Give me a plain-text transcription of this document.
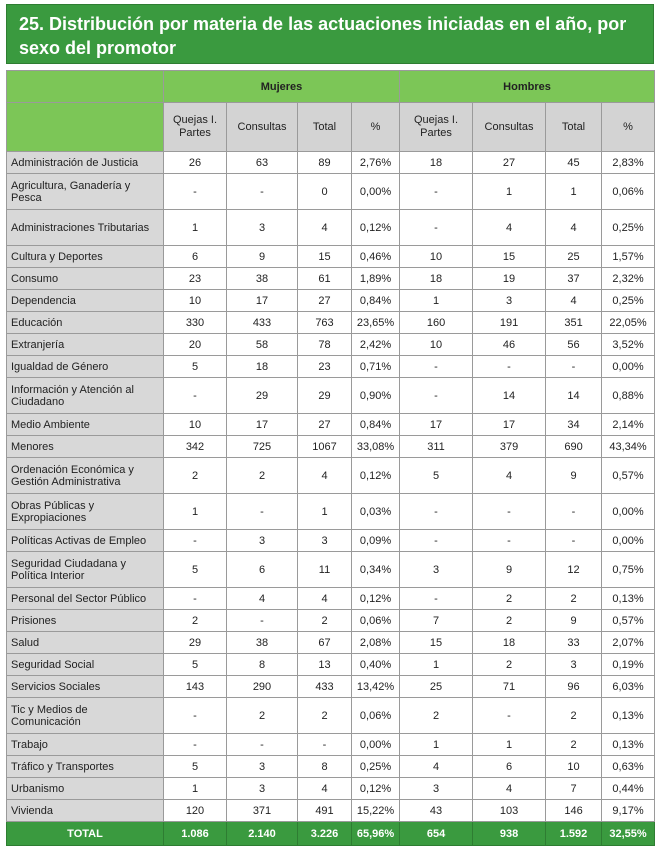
25. Distribución por materia de las actuaciones iniciadas en el año, por sexo del promotor
	Mujeres				Hombres			
	Quejas I. Partes	Consultas	Total	%	Quejas I. Partes	Consultas	Total	%
Administración de Justicia	26	63	89	2,76%	18	27	45	2,83%
Agricultura, Ganadería y Pesca	-	-	0	0,00%	-	1	1	0,06%
Administraciones Tributarias	1	3	4	0,12%	-	4	4	0,25%
Cultura y Deportes	6	9	15	0,46%	10	15	25	1,57%
Consumo	23	38	61	1,89%	18	19	37	2,32%
Dependencia	10	17	27	0,84%	1	3	4	0,25%
Educación	330	433	763	23,65%	160	191	351	22,05%
Extranjería	20	58	78	2,42%	10	46	56	3,52%
Igualdad de Género	5	18	23	0,71%	-	-	-	0,00%
Información y Atención al Ciudadano	-	29	29	0,90%	-	14	14	0,88%
Medio Ambiente	10	17	27	0,84%	17	17	34	2,14%
Menores	342	725	1067	33,08%	311	379	690	43,34%
Ordenación Económica y Gestión Administrativa	2	2	4	0,12%	5	4	9	0,57%
Obras Públicas y Expropiaciones	1	-	1	0,03%	-	-	-	0,00%
Políticas Activas de Empleo	-	3	3	0,09%	-	-	-	0,00%
Seguridad Ciudadana y Política Interior	5	6	11	0,34%	3	9	12	0,75%
Personal del Sector Público	-	4	4	0,12%	-	2	2	0,13%
Prisiones	2	-	2	0,06%	7	2	9	0,57%
Salud	29	38	67	2,08%	15	18	33	2,07%
Seguridad Social	5	8	13	0,40%	1	2	3	0,19%
Servicios Sociales	143	290	433	13,42%	25	71	96	6,03%
Tic y Medios de Comunicación	-	2	2	0,06%	2	-	2	0,13%
Trabajo	-	-	-	0,00%	1	1	2	0,13%
Tráfico y Transportes	5	3	8	0,25%	4	6	10	0,63%
Urbanismo	1	3	4	0,12%	3	4	7	0,44%
Vivienda	120	371	491	15,22%	43	103	146	9,17%
TOTAL	1.086	2.140	3.226	65,96%	654	938	1.592	32,55%
